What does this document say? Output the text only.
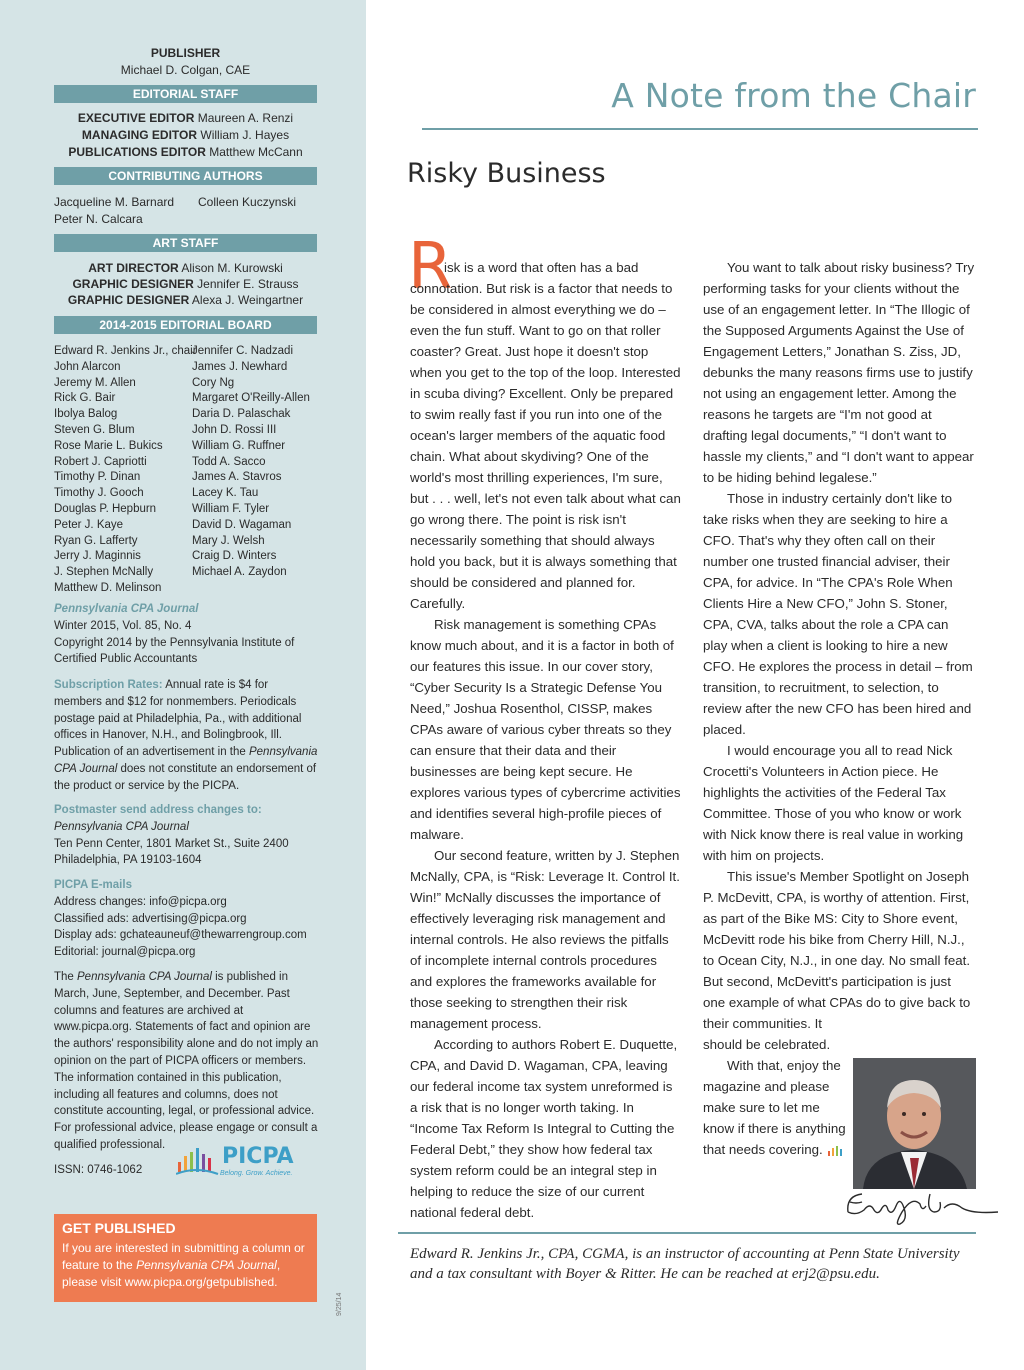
PUBLISHER
Michael D. Colgan, CAE
EDITORIAL STAFF
EXECUTIVE EDITOR Maureen A. Renzi
MANAGING EDITOR William J. Hayes
PUBLICATIONS EDITOR Matthew McCann
CONTRIBUTING AUTHORS
Jacqueline M. Barnard
Peter N. Calcara
Colleen Kuczynski
ART STAFF
ART DIRECTOR Alison M. Kurowski
GRAPHIC DESIGNER Jennifer E. Strauss
GRAPHIC DESIGNER Alexa J. Weingartner
2014-2015 EDITORIAL BOARD
Edward R. Jenkins Jr., chair
John Alarcon
Jeremy M. Allen
Rick G. Bair
Ibolya Balog
Steven G. Blum
Rose Marie L. Bukics
Robert J. Capriotti
Timothy P. Dinan
Timothy J. Gooch
Douglas P. Hepburn
Peter J. Kaye
Ryan G. Lafferty
Jerry J. Maginnis
J. Stephen McNally
Matthew D. Melinson
Jennifer C. Nadzadi
James J. Newhard
Cory Ng
Margaret O'Reilly-Allen
Daria D. Palaschak
John D. Rossi III
William G. Ruffner
Todd A. Sacco
James A. Stavros
Lacey K. Tau
William F. Tyler
David D. Wagaman
Mary J. Welsh
Craig D. Winters
Michael A. Zaydon
Pennsylvania CPA Journal
Winter 2015, Vol. 85, No. 4
Copyright 2014 by the Pennsylvania Institute of Certified Public Accountants
Subscription Rates: Annual rate is $4 for members and $12 for nonmembers. Periodicals postage paid at Philadelphia, Pa., with additional offices in Hanover, N.H., and Bolingbrook, Ill. Publication of an advertisement in the Pennsylvania CPA Journal does not constitute an endorsement of the product or service by the PICPA.
Postmaster send address changes to:
Pennsylvania CPA Journal
Ten Penn Center, 1801 Market St., Suite 2400
Philadelphia, PA 19103-1604
PICPA E-mails
Address changes: info@picpa.org
Classified ads: advertising@picpa.org
Display ads: gchateauneuf@thewarrengroup.com
Editorial: journal@picpa.org
The Pennsylvania CPA Journal is published in March, June, September, and December. Past columns and features are archived at www.picpa.org. Statements of fact and opinion are the authors' responsibility alone and do not imply an opinion on the part of PICPA officers or members. The information contained in this publication, including all features and columns, does not constitute accounting, legal, or professional advice. For professional advice, please engage or consult a qualified professional.
ISSN: 0746-1062
PICPA
Belong. Grow. Achieve.
GET PUBLISHED
If you are interested in submitting a column or feature to the Pennsylvania CPA Journal, please visit www.picpa.org/getpublished.
9/25/14
A Note from the Chair
Risky Business
R

isk is a word that often has a bad connotation. But risk is a factor that needs to be considered in almost everything we do – even the fun stuff. Want to go on that roller coaster? Great. Just hope it doesn't stop when you get to the top of the loop. Interested in scuba diving? Excellent. Only be prepared to swim really fast if you run into one of the ocean's larger members of the aquatic food chain. What about skydiving? One of the world's most thrilling experiences, I'm sure, but . . . well, let's not even talk about what can go wrong there. The point is risk isn't necessarily something that should always hold you back, but it is always something that should be considered and planned for. Carefully.

Risk management is something CPAs know much about, and it is a factor in both of our features this issue. In our cover story, “Cyber Security Is a Strategic Defense You Need,” Joshua Rosenthol, CISSP, makes CPAs aware of various cyber threats so they can ensure that their data and their businesses are being kept secure. He explores various types of cybercrime activities and identifies several high-profile pieces of malware.

Our second feature, written by J. Stephen McNally, CPA, is “Risk: Leverage It. Control It. Win!” McNally discusses the importance of effectively leveraging risk management and internal controls. He also reviews the pitfalls of incomplete internal controls procedures and explores the frameworks available for those seeking to strengthen their risk management process.

According to authors Robert E. Duquette, CPA, and David D. Wagaman, CPA, leaving our federal income tax system unreformed is a risk that is no longer worth taking. In “Income Tax Reform Is Integral to Cutting the Federal Debt,” they show how federal tax system reform could be an integral step in helping to reduce the size of our current national federal debt.

You want to talk about risky business? Try performing tasks for your clients without the use of an engagement letter. In “The Illogic of the Supposed Arguments Against the Use of Engagement Letters,” Jonathan S. Ziss, JD, debunks the many reasons firms use to justify not using an engagement letter. Among the reasons he targets are “I'm not good at drafting legal documents,” “I don't want to hassle my clients,” and “I don't want to appear to be hiding behind legalese.”

Those in industry certainly don't like to take risks when they are seeking to hire a CFO. That's why they often call on their number one trusted financial adviser, their CPA, for advice. In “The CPA's Role When Clients Hire a New CFO,” John S. Stoner, CPA, CVA, talks about the role a CPA can play when a client is looking to hire a new CFO. He explores the process in detail – from transition, to recruitment, to selection, to review after the new CFO has been hired and placed.

I would encourage you all to read Nick Crocetti's Volunteers in Action piece. He highlights the activities of the Federal Tax Committee. Those of you who know or work with Nick know there is real value in working with him on projects.

This issue's Member Spotlight on Joseph P. McDevitt, CPA, is worthy of attention. First, as part of the Bike MS: City to Shore event, McDevitt rode his bike from Cherry Hill, N.J., to Ocean City, N.J., in one day. No small feat. But second, McDevitt's participation is just one example of what CPAs do to give back to

their communities. It should be celebrated.

With that, enjoy the magazine and please make sure to let me know if there is anything that needs covering.

Edward R. Jenkins Jr., CPA, CGMA, is an instructor of accounting at Penn State University and a tax consultant with Boyer & Ritter. He can be reached at erj2@psu.edu.
